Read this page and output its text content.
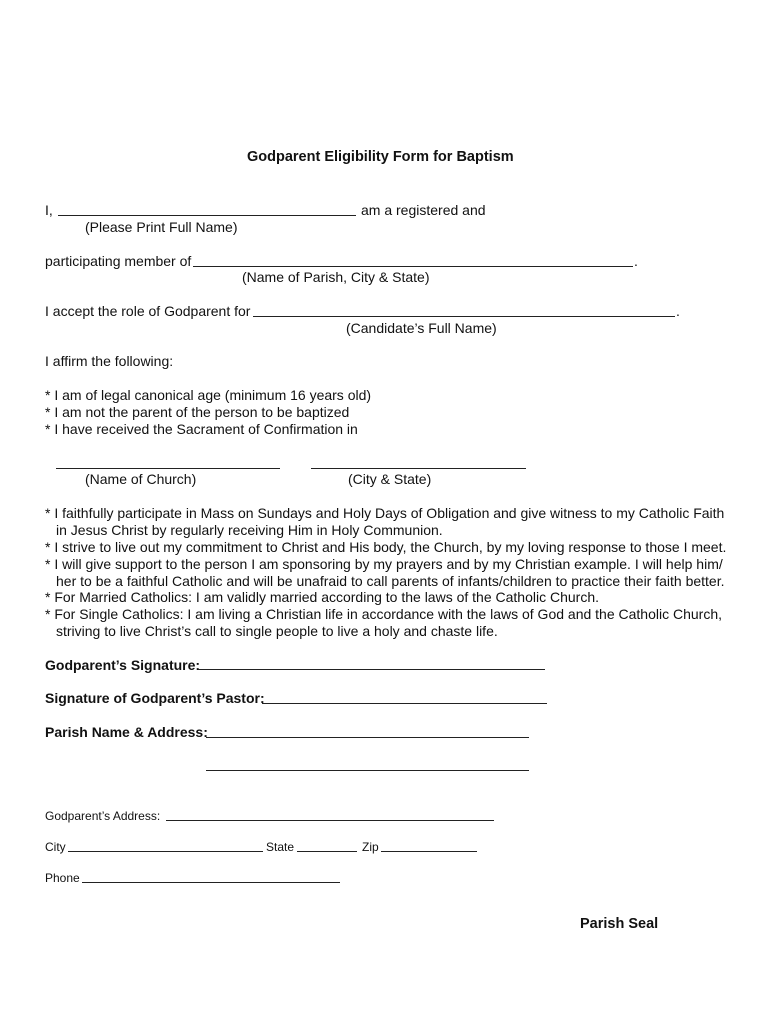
Godparent Eligibility Form for Baptism
I,	am a registered and
(Please Print Full Name)
participating member of	.
(Name of Parish, City & State)
I accept the role of Godparent for	.
(Candidate’s Full Name)
I affirm the following:
* I am of legal canonical age (minimum 16 years old)
* I am not the parent of the person to be baptized
* I have received the Sacrament of Confirmation in
(Name of Church)	(City & State)
* I faithfully participate in Mass on Sundays and Holy Days of Obligation and give witness to my Catholic Faith
in Jesus Christ by regularly receiving Him in Holy Communion.
* I strive to live out my commitment to Christ and His body, the Church, by my loving response to those I meet.
* I will give support to the person I am sponsoring by my prayers and by my Christian example. I will help him/
her to be a faithful Catholic and will be unafraid to call parents of infants/children to practice their faith better.
* For Married Catholics: I am validly married according to the laws of the Catholic Church.
* For Single Catholics: I am living a Christian life in accordance with the laws of God and the Catholic Church,
striving to live Christ’s call to single people to live a holy and chaste life.
Godparent’s Signature:
Signature of Godparent’s Pastor:
Parish Name & Address:
Godparent’s Address:
City	State	Zip
Phone
Parish Seal
